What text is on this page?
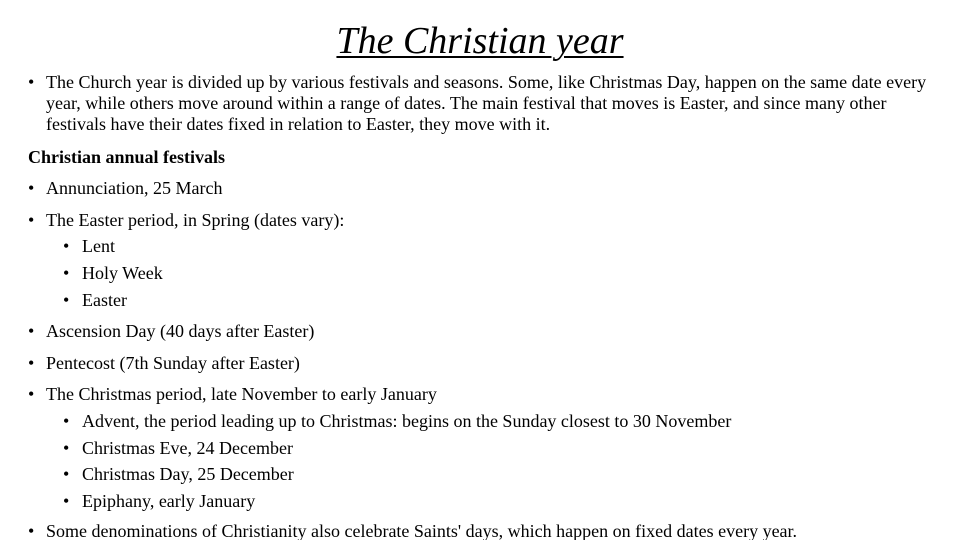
The Christian year
• The Church year is divided up by various festivals and seasons. Some, like Christmas Day, happen on the same date every year, while others move around within a range of dates. The main festival that moves is Easter, and since many other festivals have their dates fixed in relation to Easter, they move with it.
Christian annual festivals
• Annunciation, 25 March
• The Easter period, in Spring (dates vary):
• Lent
• Holy Week
• Easter
• Ascension Day (40 days after Easter)
• Pentecost (7th Sunday after Easter)
• The Christmas period, late November to early January
• Advent, the period leading up to Christmas: begins on the Sunday closest to 30 November
• Christmas Eve, 24 December
• Christmas Day, 25 December
• Epiphany, early January
• Some denominations of Christianity also celebrate Saints' days, which happen on fixed dates every year.
